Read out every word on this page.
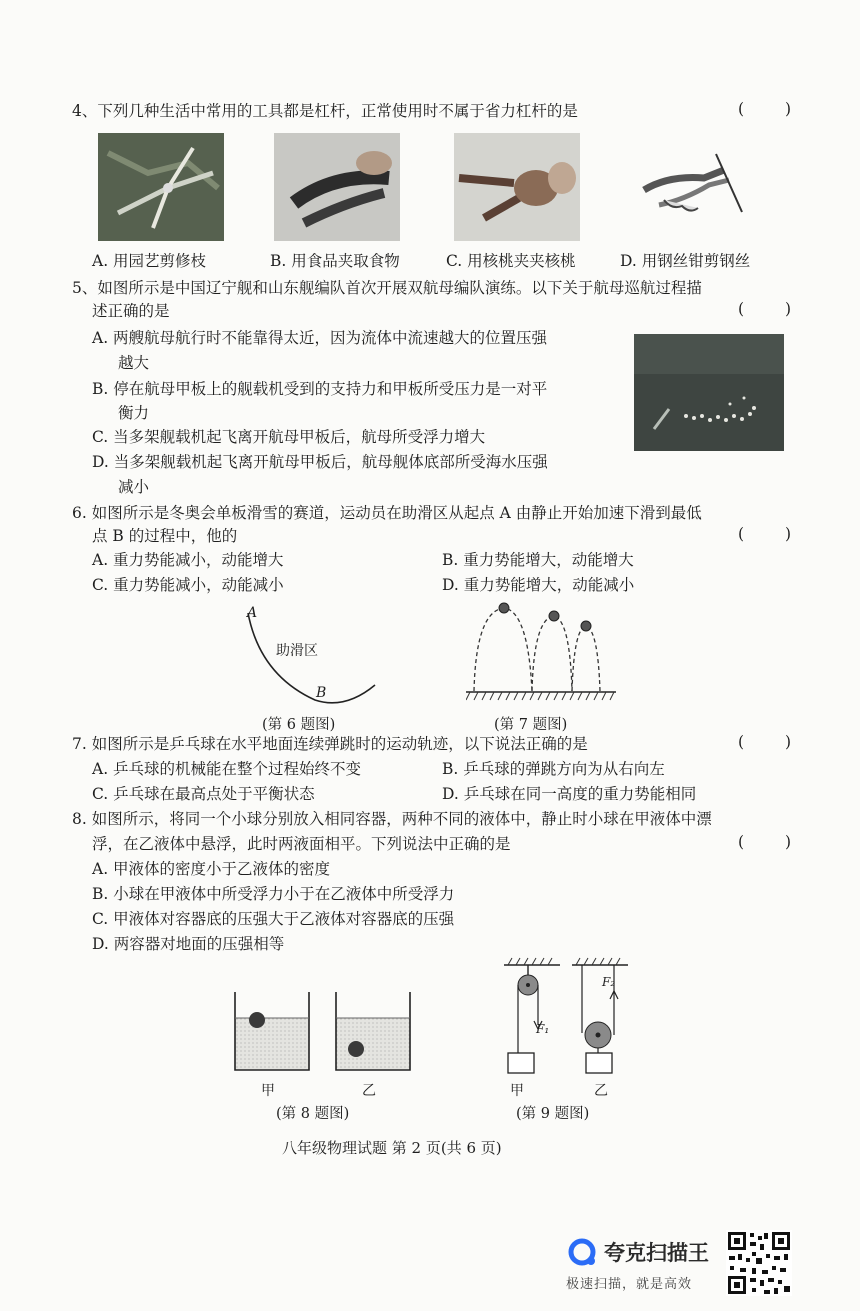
4、下列几种生活中常用的工具都是杠杆，正常使用时不属于省力杠杆的是	( )
A. 用园艺剪修枝	B. 用食品夹取食物	C. 用核桃夹夹核桃	D. 用钢丝钳剪钢丝
5、如图所示是中国辽宁舰和山东舰编队首次开展双航母编队演练。以下关于航母巡航过程描
述正确的是	( )
A. 两艘航母航行时不能靠得太近，因为流体中流速越大的位置压强
越大
B. 停在航母甲板上的舰载机受到的支持力和甲板所受压力是一对平
衡力
C. 当多架舰载机起飞离开航母甲板后，航母所受浮力增大
D. 当多架舰载机起飞离开航母甲板后，航母舰体底部所受海水压强
减小
6. 如图所示是冬奥会单板滑雪的赛道，运动员在助滑区从起点 A 由静止开始加速下滑到最低
点 B 的过程中，他的	( )
A. 重力势能减小，动能增大	B. 重力势能增大，动能增大
C. 重力势能减小，动能减小	D. 重力势能增大，动能减小
A
B
助滑区
(第 6 题图)	(第 7 题图)
7. 如图所示是乒乓球在水平地面连续弹跳时的运动轨迹，以下说法正确的是	( )
A. 乒乓球的机械能在整个过程始终不变	B. 乒乓球的弹跳方向为从右向左
C. 乒乓球在最高点处于平衡状态	D. 乒乓球在同一高度的重力势能相同
8. 如图所示，将同一个小球分别放入相同容器，两种不同的液体中，静止时小球在甲液体中漂
浮，在乙液体中悬浮，此时两液面相平。下列说法中正确的是	( )
A. 甲液体的密度小于乙液体的密度
B. 小球在甲液体中所受浮力小于在乙液体中所受浮力
C. 甲液体对容器底的压强大于乙液体对容器底的压强
D. 两容器对地面的压强相等
甲	乙
(第 8 题图)
F₁
F₂
甲	乙
(第 9 题图)
八年级物理试题 第 2 页(共 6 页)
夸克扫描王
极速扫描，就是高效
